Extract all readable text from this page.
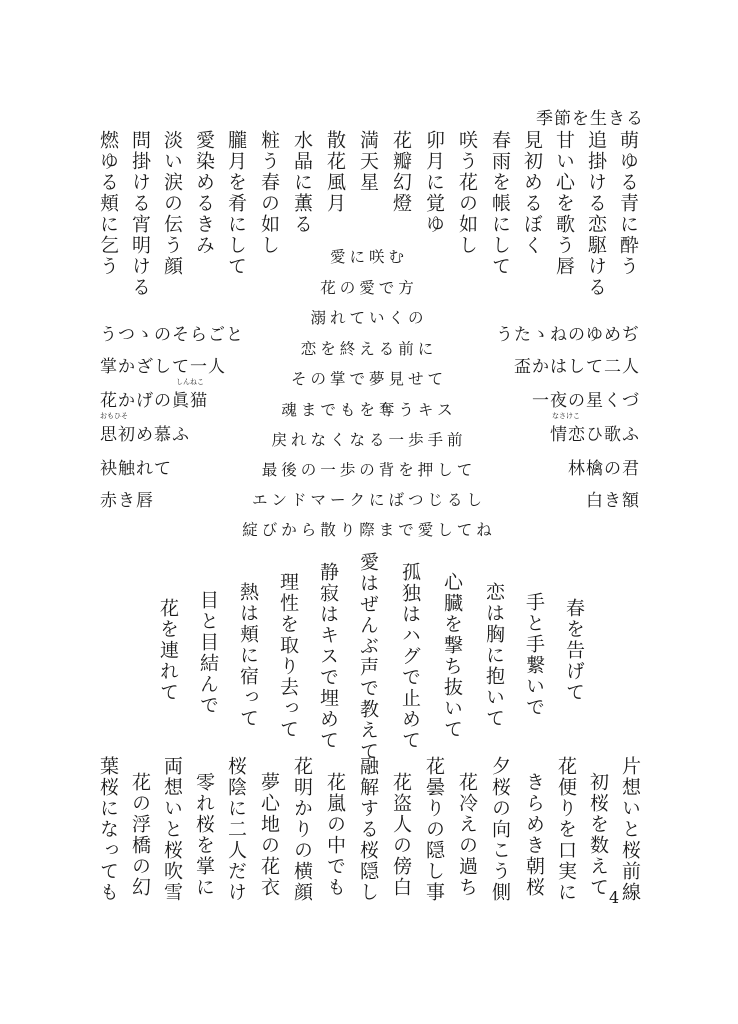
季節を生きる
萌ゆる青に酔う
追掛ける恋駆ける
甘い心を歌う唇
見初めるぼく
春雨を帳にして
咲う花の如し
卯月に覚ゆ
花瓣幻燈
満天星
散花風月
水晶に薫る
粧う春の如し
朧月を肴にして
愛染めるきみ
淡い涙の伝う顔
問掛ける宵明ける
燃ゆる頬に乞う
うつゝのそらごと
掌かざして一人
しんねこ
花かげの眞猫
おもひそ
思初め慕ふ
袂触れて
赤き唇
うたゝねのゆめぢ
盃かはして二人
一夜の星くづ
なさけこ
情恋ひ歌ふ
林檎の君
白き額
愛に咲む
花の愛で方
溺れていくの
恋を終える前に
その掌で夢見せて
魂までもを奪うキス
戻れなくなる一歩手前
最後の一歩の背を押して
エンドマークにばつじるし
綻びから散り際まで愛してね
春を告げて
手と手繋いで
恋は胸に抱いて
心臓を撃ち抜いて
孤独はハグで止めて
愛はぜんぶ声で教えて
静寂はキスで埋めて
理性を取り去って
熱は頬に宿って
目と目結んで
花を連れて
片想いと桜前線
初桜を数えて
花便りを口実に
きらめき朝桜
夕桜の向こう側
花冷えの過ち
花曇りの隠し事
花盗人の傍白
融解する桜隠し
花嵐の中でも
花明かりの横顔
夢心地の花衣
桜陰に二人だけ
零れ桜を掌に
両想いと桜吹雪
花の浮橋の幻
葉桜になっても	4
